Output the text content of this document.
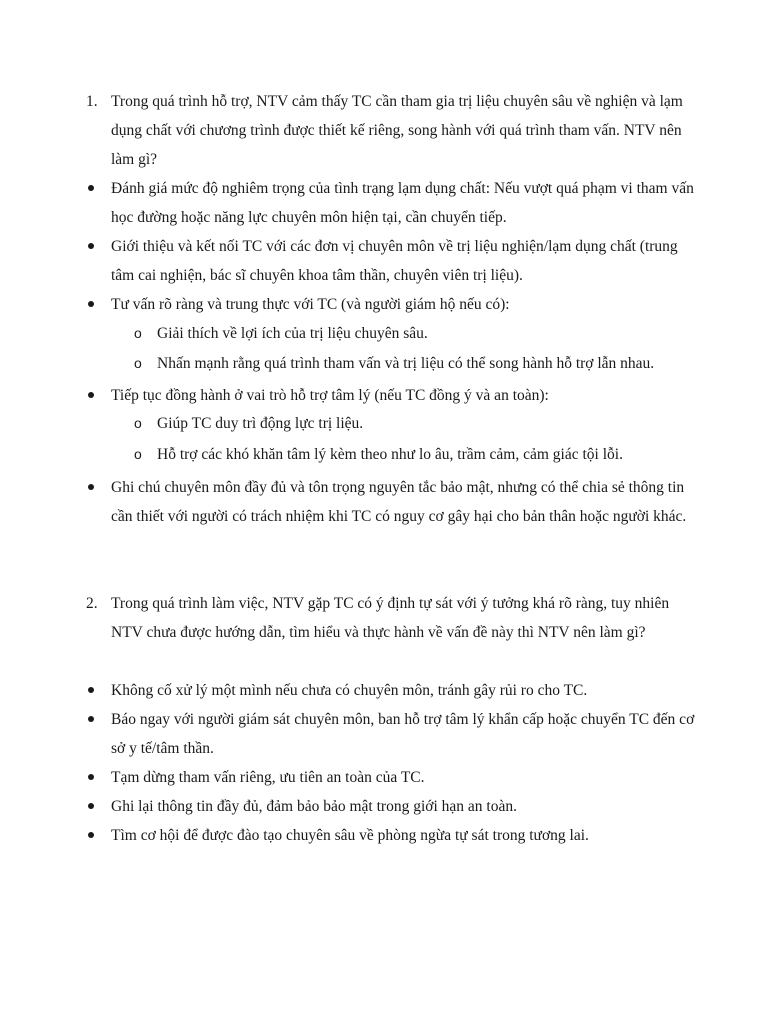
1. Trong quá trình hỗ trợ, NTV cảm thấy TC cần tham gia trị liệu chuyên sâu về nghiện và lạm dụng chất với chương trình được thiết kế riêng, song hành với quá trình tham vấn. NTV nên làm gì?

Đánh giá mức độ nghiêm trọng của tình trạng lạm dụng chất: Nếu vượt quá phạm vi tham vấn học đường hoặc năng lực chuyên môn hiện tại, cần chuyển tiếp.

Giới thiệu và kết nối TC với các đơn vị chuyên môn về trị liệu nghiện/lạm dụng chất (trung tâm cai nghiện, bác sĩ chuyên khoa tâm thần, chuyên viên trị liệu).

Tư vấn rõ ràng và trung thực với TC (và người giám hộ nếu có):

o Giải thích về lợi ích của trị liệu chuyên sâu.

o Nhấn mạnh rằng quá trình tham vấn và trị liệu có thể song hành hỗ trợ lẫn nhau.

Tiếp tục đồng hành ở vai trò hỗ trợ tâm lý (nếu TC đồng ý và an toàn):

o Giúp TC duy trì động lực trị liệu.

o Hỗ trợ các khó khăn tâm lý kèm theo như lo âu, trầm cảm, cảm giác tội lỗi.

Ghi chú chuyên môn đầy đủ và tôn trọng nguyên tắc bảo mật, nhưng có thể chia sẻ thông tin cần thiết với người có trách nhiệm khi TC có nguy cơ gây hại cho bản thân hoặc người khác.

2. Trong quá trình làm việc, NTV gặp TC có ý định tự sát với ý tưởng khá rõ ràng, tuy nhiên NTV chưa được hướng dẫn, tìm hiểu và thực hành về vấn đề này thì NTV nên làm gì?

Không cố xử lý một mình nếu chưa có chuyên môn, tránh gây rủi ro cho TC.

Báo ngay với người giám sát chuyên môn, ban hỗ trợ tâm lý khẩn cấp hoặc chuyển TC đến cơ sở y tế/tâm thần.

Tạm dừng tham vấn riêng, ưu tiên an toàn của TC.

Ghi lại thông tin đầy đủ, đảm bảo bảo mật trong giới hạn an toàn.

Tìm cơ hội để được đào tạo chuyên sâu về phòng ngừa tự sát trong tương lai.
